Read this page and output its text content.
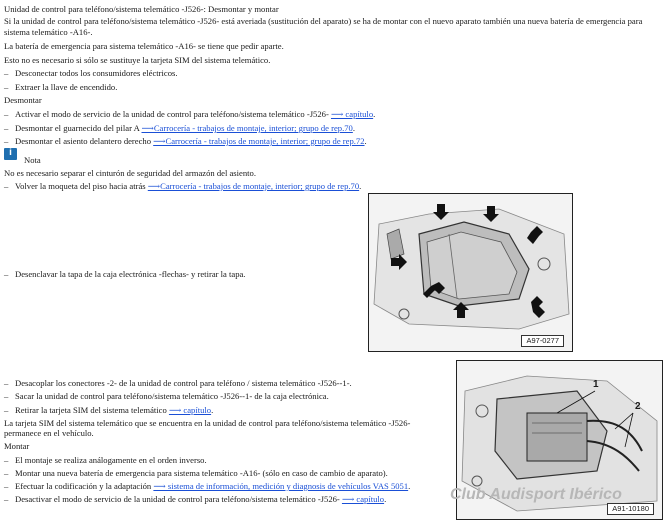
Unidad de control para teléfono/sistema telemático -J526-: Desmontar y montar
Si la unidad de control para teléfono/sistema telemático -J526- está averiada (sustitución del aparato) se ha de montar con el nuevo aparato también una nueva batería de emergencia para sistema telemático -A16-.
La batería de emergencia para sistema telemático -A16- se tiene que pedir aparte.
Esto no es necesario si sólo se sustituye la tarjeta SIM del sistema telemático.
– Desconectar todos los consumidores eléctricos.
– Extraer la llave de encendido.
Desmontar
– Activar el modo de servicio de la unidad de control para teléfono/sistema telemático -J526- ⟶ capítulo.
– Desmontar el guarnecido del pilar A ⟶Carrocería - trabajos de montaje, interior; grupo de rep.70.
– Desmontar el asiento delantero derecho ⟶Carrocería - trabajos de montaje, interior; grupo de rep.72.
i
Nota
No es necesario separar el cinturón de seguridad del armazón del asiento.
– Volver la moqueta del piso hacia atrás ⟶Carrocería - trabajos de montaje, interior; grupo de rep.70.
– Desenclavar la tapa de la caja electrónica -flechas- y retirar la tapa.
A97-0277
– Desacoplar los conectores -2- de la unidad de control para teléfono / sistema telemático -J526--1-.
– Sacar la unidad de control para teléfono/sistema telemático -J526--1- de la caja electrónica.
– Retirar la tarjeta SIM del sistema telemático ⟶ capítulo.
La tarjeta SIM del sistema telemático que se encuentra en la unidad de control para teléfono/sistema telemático -J526-
permanece en el vehículo.
Montar
– El montaje se realiza análogamente en el orden inverso.
– Montar una nueva batería de emergencia para sistema telemático -A16- (sólo en caso de cambio de aparato).
– Efectuar la codificación y la adaptación ⟶ sistema de información, medición y diagnosis de vehículos VAS 5051.
– Desactivar el modo de servicio de la unidad de control para teléfono/sistema telemático -J526- ⟶ capítulo.
1
2
A91-10180
Club Audisport Ibérico
